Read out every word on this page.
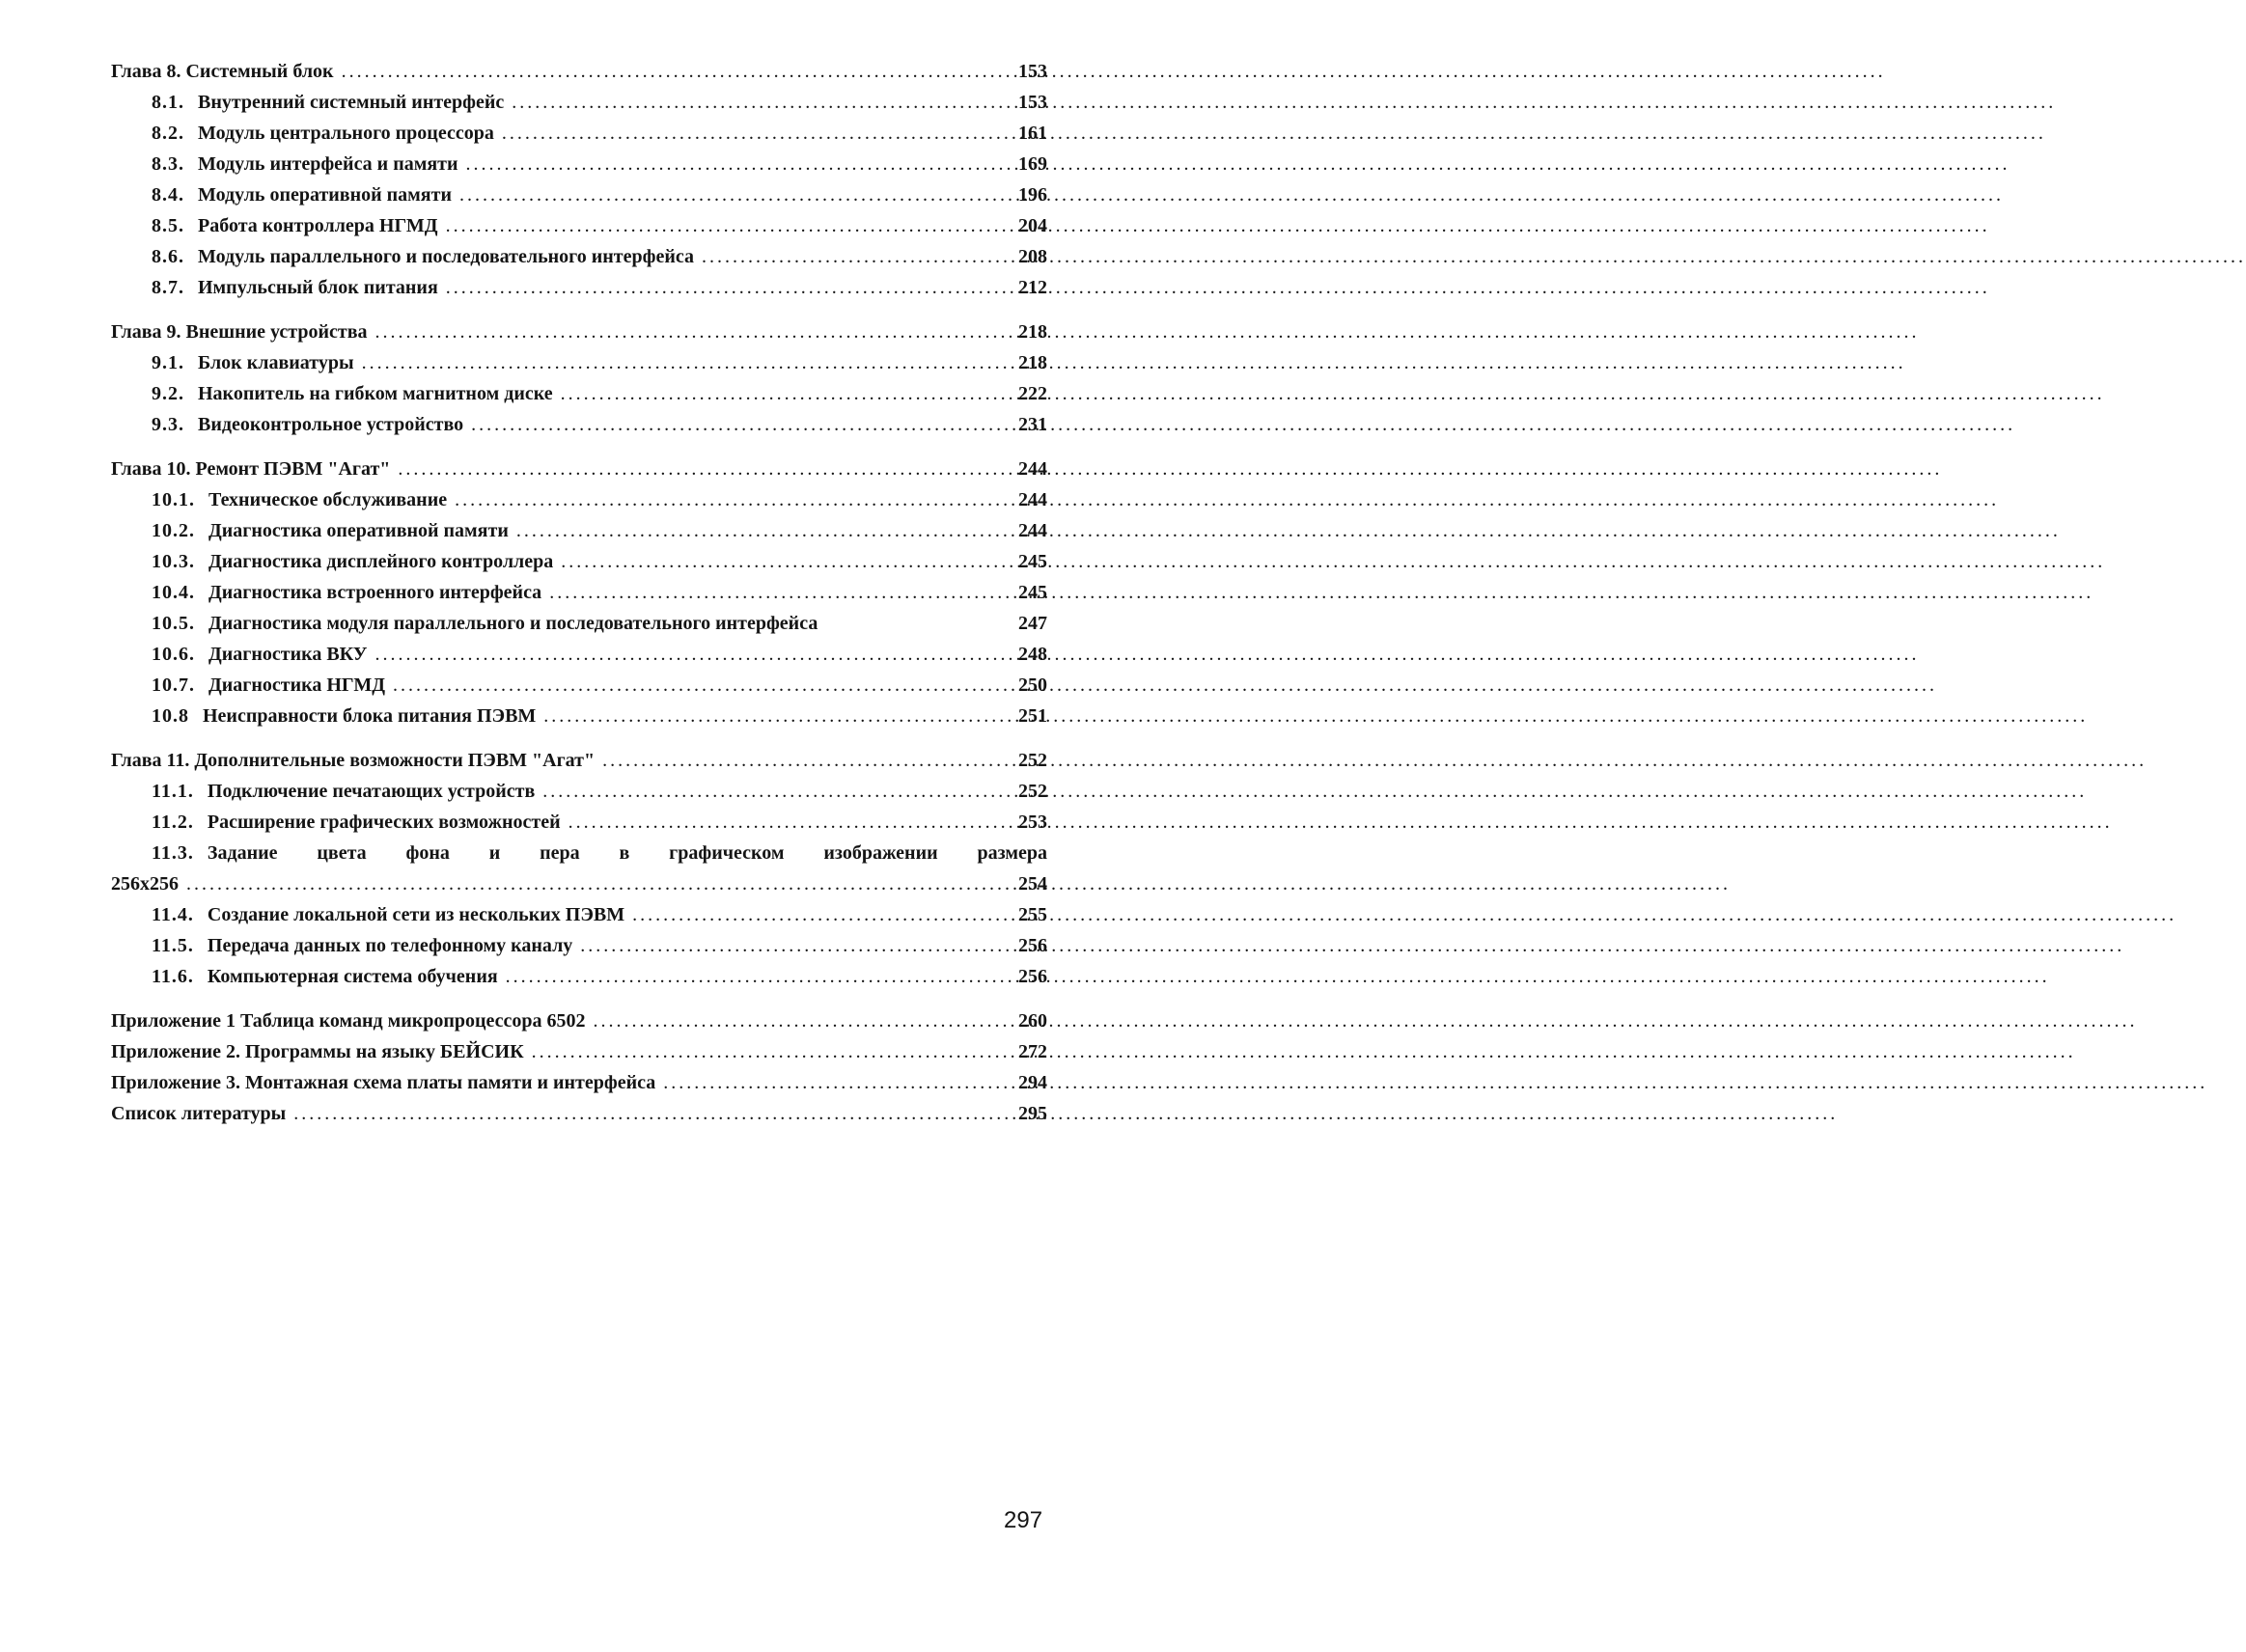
Глава 8. Системный блок
.....	153
8.1. Внутренний системный интерфейс
.....	153
8.2. Модуль центрального процессора
.....	161
8.3. Модуль интерфейса и памяти
.....	169
8.4. Модуль оперативной памяти
.....	196
8.5. Работа контроллера НГМД
.....	204
8.6. Модуль параллельного и последовательного интерфейса
.....	208
8.7. Импульсный блок питания
.....	212
Глава 9. Внешние устройства
.....	218
9.1. Блок клавиатуры
.....	218
9.2. Накопитель на гибком магнитном диске
.....	222
9.3. Видеоконтрольное устройство
.....	231
Глава 10. Ремонт ПЭВМ "Агат"
.....	244
10.1. Техническое обслуживание
.....	244
10.2. Диагностика оперативной памяти
.....	244
10.3. Диагностика дисплейного контроллера
.....	245
10.4. Диагностика встроенного интерфейса
.....	245
10.5. Диагностика модуля параллельного и последовательного интерфейса	247
10.6. Диагностика ВКУ
.....	248
10.7. Диагностика НГМД
.....	250
10.8 Неисправности блока питания ПЭВМ
.....	251
Глава 11. Дополнительные возможности ПЭВМ "Агат"
.....	252
11.1. Подключение печатающих устройств
.....	252
11.2. Расширение графических возможностей
.....	253
11.3. Задание цвета фона и пера в графическом изображении размера
256x256
.....	254
11.4. Создание локальной сети из нескольких ПЭВМ
.....	255
11.5. Передача данных по телефонному каналу
.....	256
11.6. Компьютерная система обучения
.....	256
Приложение 1 Таблица команд микропроцессора 6502
.....	260
Приложение 2. Программы на языку БЕЙСИК
.....	272
Приложение 3. Монтажная схема платы памяти и интерфейса
.....	294
Список литературы
.....	295
297
